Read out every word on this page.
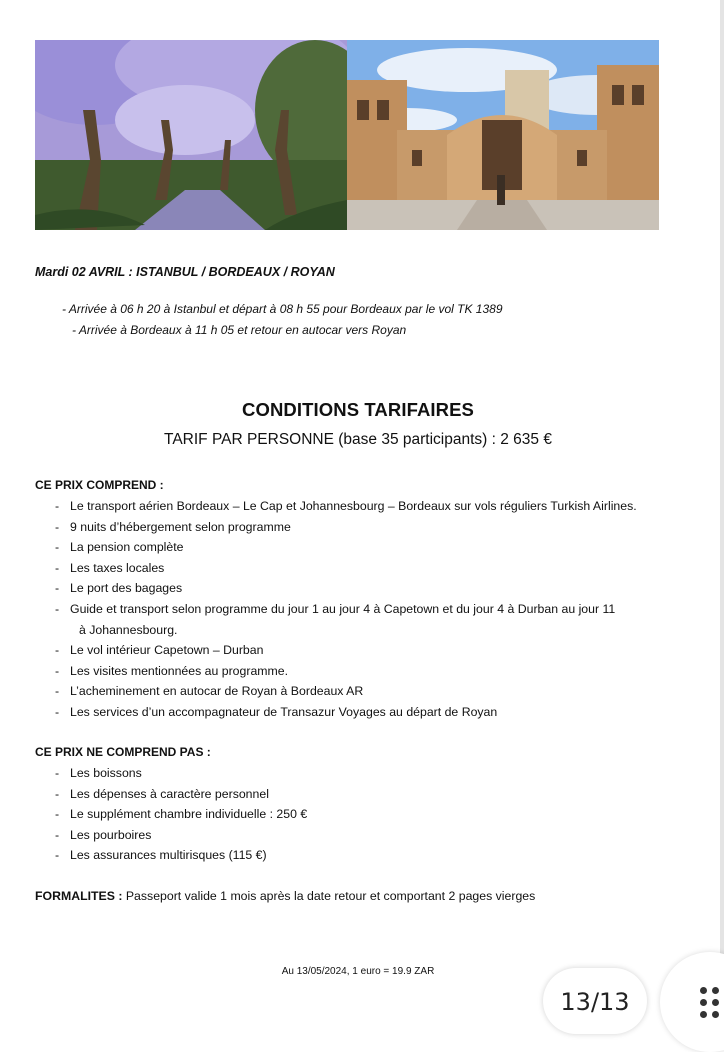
Mardi 02 AVRIL : ISTANBUL / BORDEAUX / ROYAN
- Arrivée à 06 h 20 à Istanbul et départ à 08 h 55 pour Bordeaux par le vol TK 1389
- Arrivée à Bordeaux à 11 h 05 et retour en autocar vers Royan
CONDITIONS TARIFAIRES
TARIF PAR PERSONNE (base 35 participants) : 2 635 €
CE PRIX COMPREND :
- Le transport aérien Bordeaux – Le Cap et Johannesbourg – Bordeaux sur vols réguliers Turkish Airlines.
- 9 nuits d’hébergement selon programme
- La pension complète
- Les taxes locales
- Le port des bagages
- Guide et transport selon programme du jour 1 au jour 4 à Capetown et du jour 4 à Durban au jour 11
à Johannesbourg.
- Le vol intérieur Capetown – Durban
- Les visites mentionnées au programme.
- L’acheminement en autocar de Royan à Bordeaux AR
- Les services d’un accompagnateur de Transazur Voyages au départ de Royan
CE PRIX NE COMPREND PAS :
- Les boissons
- Les dépenses à caractère personnel
- Le supplément chambre individuelle : 250 €
- Les pourboires
- Les assurances multirisques (115 €)
FORMALITES : Passeport valide 1 mois après la date retour et comportant 2 pages vierges
Au 13/05/2024, 1 euro = 19.9 ZAR
13/13
